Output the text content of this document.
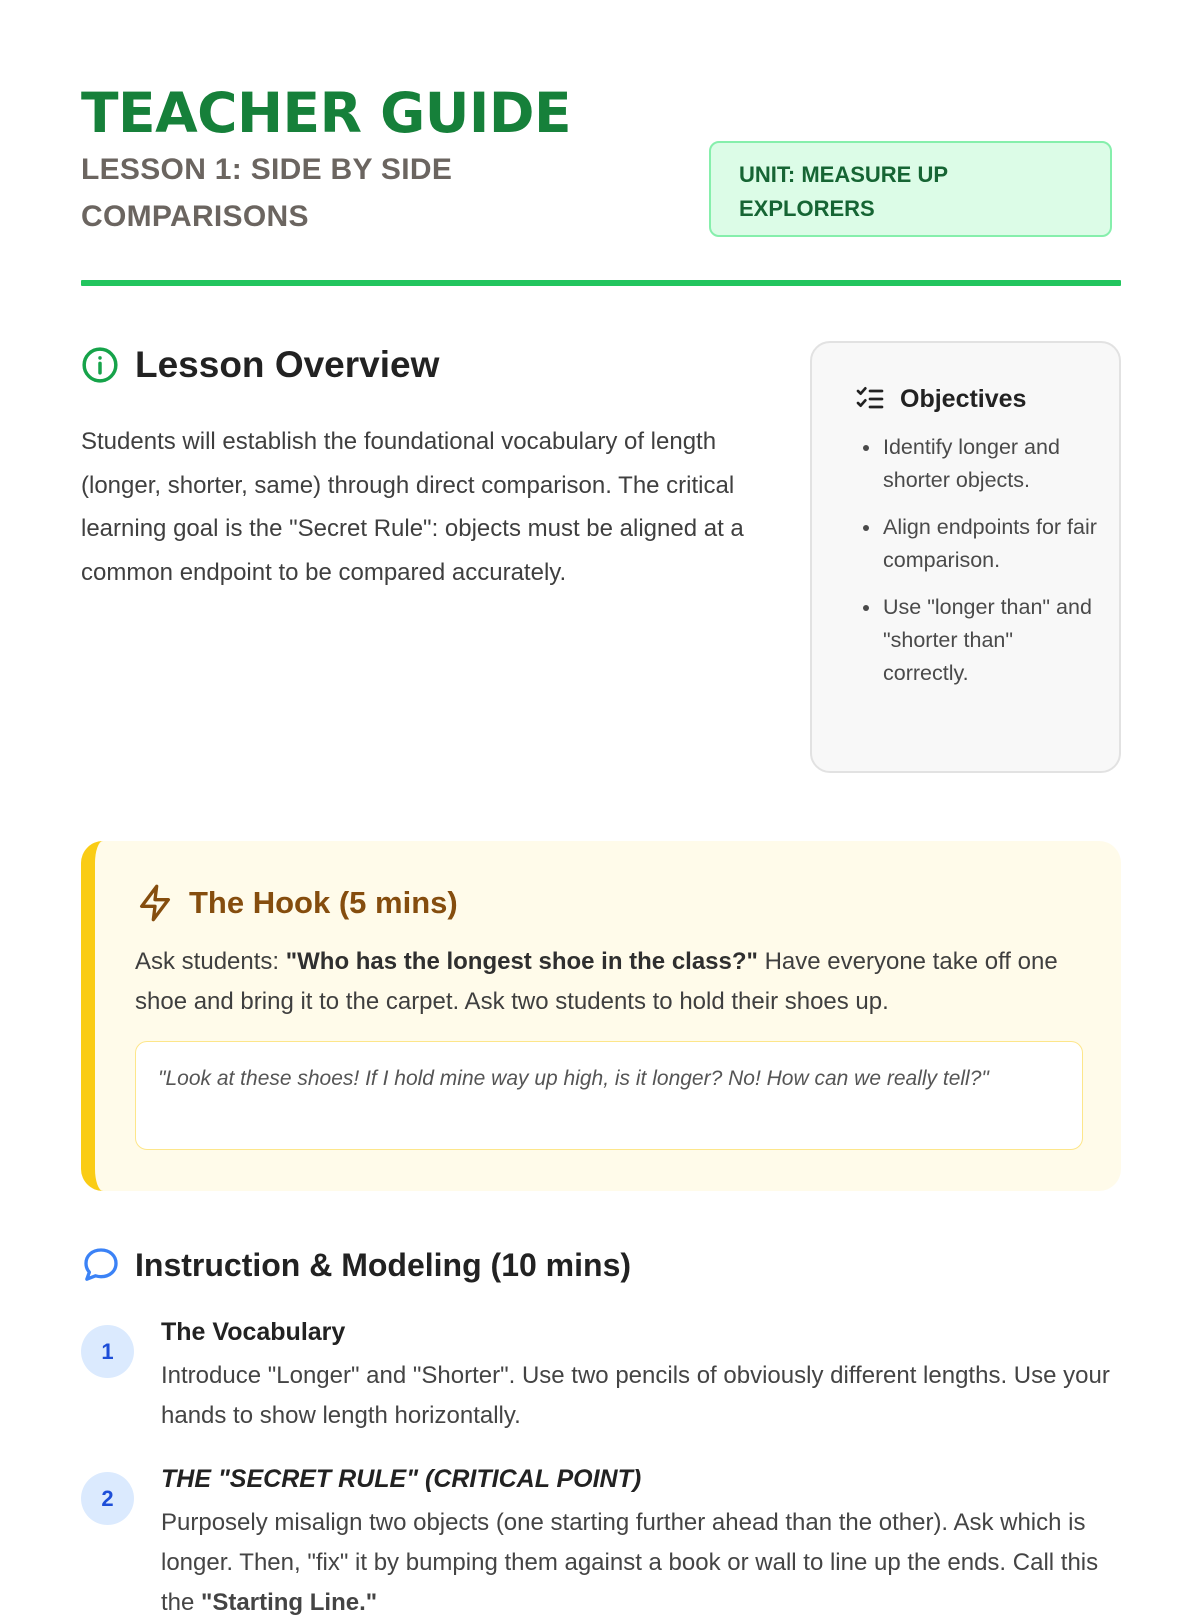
TEACHER GUIDE
LESSON 1: SIDE BY SIDE COMPARISONS
UNIT: MEASURE UP EXPLORERS
Lesson Overview

Students will establish the foundational vocabulary of length (longer, shorter, same) through direct comparison. The critical learning goal is the "Secret Rule": objects must be aligned at a common endpoint to be compared accurately.

Objectives
• Identify longer and shorter objects.
• Align endpoints for fair comparison.
• Use "longer than" and "shorter than" correctly.
The Hook (5 mins)

Ask students: "Who has the longest shoe in the class?" Have everyone take off one shoe and bring it to the carpet. Ask two students to hold their shoes up.

"Look at these shoes! If I hold mine way up high, is it longer? No! How can we really tell?"

Instruction & Modeling (10 mins)
1
The Vocabulary

Introduce "Longer" and "Shorter". Use two pencils of obviously different lengths. Use your hands to show length horizontally.

2
THE "SECRET RULE" (CRITICAL POINT)

Purposely misalign two objects (one starting further ahead than the other). Ask which is longer. Then, "fix" it by bumping them against a book or wall to line up the ends. Call this the "Starting Line."
